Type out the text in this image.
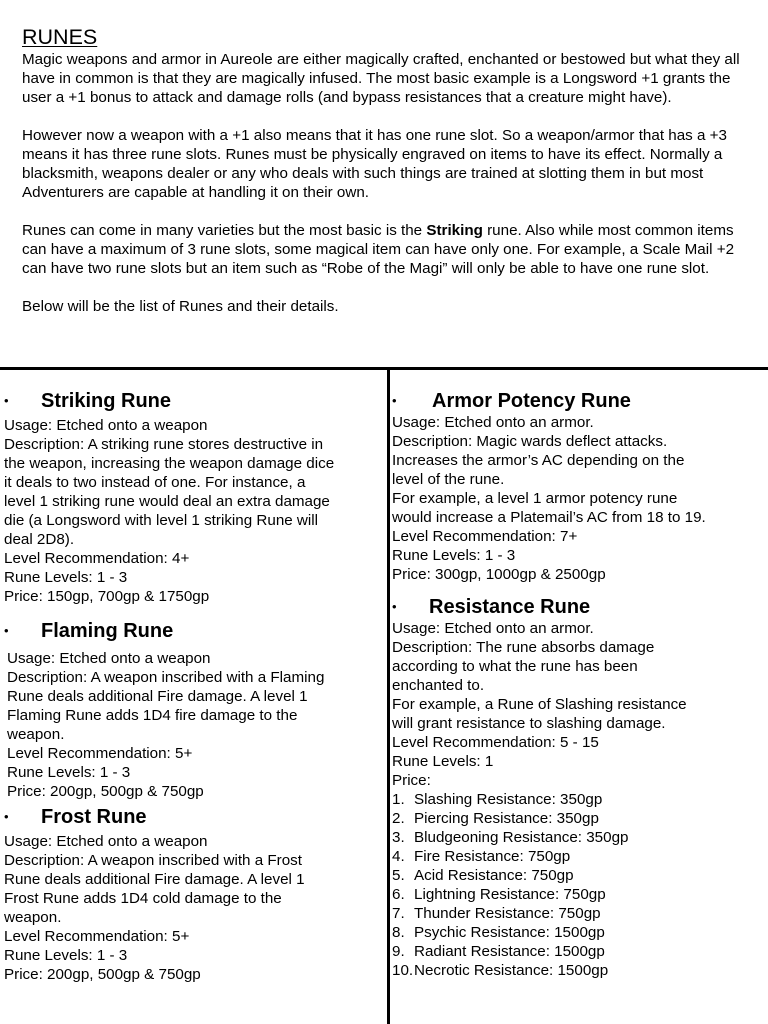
RUNES

Magic weapons and armor in Aureole are either magically crafted, enchanted or bestowed but what they all have in common is that they are magically infused. The most basic example is a Longsword +1 grants the user a +1 bonus to attack and damage rolls (and bypass resistances that a creature might have).

However now a weapon with a +1 also means that it has one rune slot. So a weapon/armor that has a +3 means it has three rune slots. Runes must be physically engraved on items to have its effect. Normally a blacksmith, weapons dealer or any who deals with such things are trained at slotting them in but most Adventurers are capable at handling it on their own.

Runes can come in many varieties but the most basic is the Striking rune. Also while most common items can have a maximum of 3 rune slots, some magical item can have only one. For example, a Scale Mail +2 can have two rune slots but an item such as “Robe of the Magi” will only be able to have one rune slot.

Below will be the list of Runes and their details.

• Striking Rune
Usage: Etched onto a weapon
Description: A striking rune stores destructive in
the weapon, increasing the weapon damage dice
it deals to two instead of one. For instance, a
level 1 striking rune would deal an extra damage
die (a Longsword with level 1 striking Rune will
deal 2D8).
Level Recommendation: 4+
Rune Levels: 1 - 3
Price: 150gp, 700gp & 1750gp
• Flaming Rune
Usage: Etched onto a weapon
Description: A weapon inscribed with a Flaming
Rune deals additional Fire damage. A level 1
Flaming Rune adds 1D4 fire damage to the
weapon.
Level Recommendation: 5+
Rune Levels: 1 - 3
Price: 200gp, 500gp & 750gp
• Frost Rune
Usage: Etched onto a weapon
Description: A weapon inscribed with a Frost
Rune deals additional Fire damage. A level 1
Frost Rune adds 1D4 cold damage to the
weapon.
Level Recommendation: 5+
Rune Levels: 1 - 3
Price: 200gp, 500gp & 750gp
• Armor Potency Rune
Usage: Etched onto an armor.
Description: Magic wards deflect attacks.
Increases the armor’s AC depending on the
level of the rune.
For example, a level 1 armor potency rune
would increase a Platemail’s AC from 18 to 19.
Level Recommendation: 7+
Rune Levels: 1 - 3
Price: 300gp, 1000gp & 2500gp
• Resistance Rune
Usage: Etched onto an armor.
Description: The rune absorbs damage
according to what the rune has been
enchanted to.
For example, a Rune of Slashing resistance
will grant resistance to slashing damage.
Level Recommendation: 5 - 15
Rune Levels: 1
Price:
1. Slashing Resistance: 350gp
2. Piercing Resistance: 350gp
3. Bludgeoning Resistance: 350gp
4. Fire Resistance: 750gp
5. Acid Resistance: 750gp
6. Lightning Resistance: 750gp
7. Thunder Resistance: 750gp
8. Psychic Resistance: 1500gp
9. Radiant Resistance: 1500gp
10. Necrotic Resistance: 1500gp
